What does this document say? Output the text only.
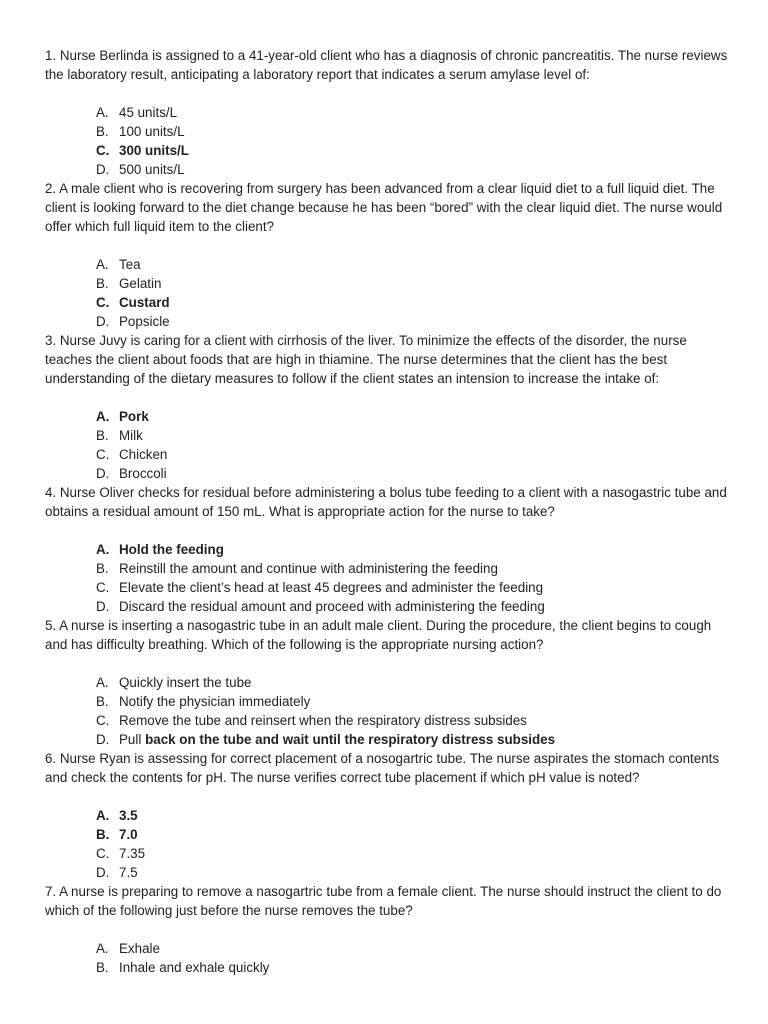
1. Nurse Berlinda is assigned to a 41-year-old client who has a diagnosis of chronic pancreatitis. The nurse reviews the laboratory result, anticipating a laboratory report that indicates a serum amylase level of:

A. 45 units/L
B. 100 units/L
C. 300 units/L
D. 500 units/L

2. A male client who is recovering from surgery has been advanced from a clear liquid diet to a full liquid diet. The client is looking forward to the diet change because he has been “bored” with the clear liquid diet. The nurse would offer which full liquid item to the client?

A. Tea
B. Gelatin
C. Custard
D. Popsicle

3. Nurse Juvy is caring for a client with cirrhosis of the liver. To minimize the effects of the disorder, the nurse teaches the client about foods that are high in thiamine. The nurse determines that the client has the best understanding of the dietary measures to follow if the client states an intension to increase the intake of:

A. Pork
B. Milk
C. Chicken
D. Broccoli

4. Nurse Oliver checks for residual before administering a bolus tube feeding to a client with a nasogastric tube and obtains a residual amount of 150 mL. What is appropriate action for the nurse to take?

A. Hold the feeding
B. Reinstill the amount and continue with administering the feeding
C. Elevate the client’s head at least 45 degrees and administer the feeding
D. Discard the residual amount and proceed with administering the feeding

5. A nurse is inserting a nasogastric tube in an adult male client. During the procedure, the client begins to cough and has difficulty breathing. Which of the following is the appropriate nursing action?

A. Quickly insert the tube
B. Notify the physician immediately
C. Remove the tube and reinsert when the respiratory distress subsides
D. Pull back on the tube and wait until the respiratory distress subsides

6. Nurse Ryan is assessing for correct placement of a nosogartric tube. The nurse aspirates the stomach contents and check the contents for pH. The nurse verifies correct tube placement if which pH value is noted?

A. 3.5
B. 7.0
C. 7.35
D. 7.5

7. A nurse is preparing to remove a nasogartric tube from a female client. The nurse should instruct the client to do which of the following just before the nurse removes the tube?

A. Exhale
B. Inhale and exhale quickly
